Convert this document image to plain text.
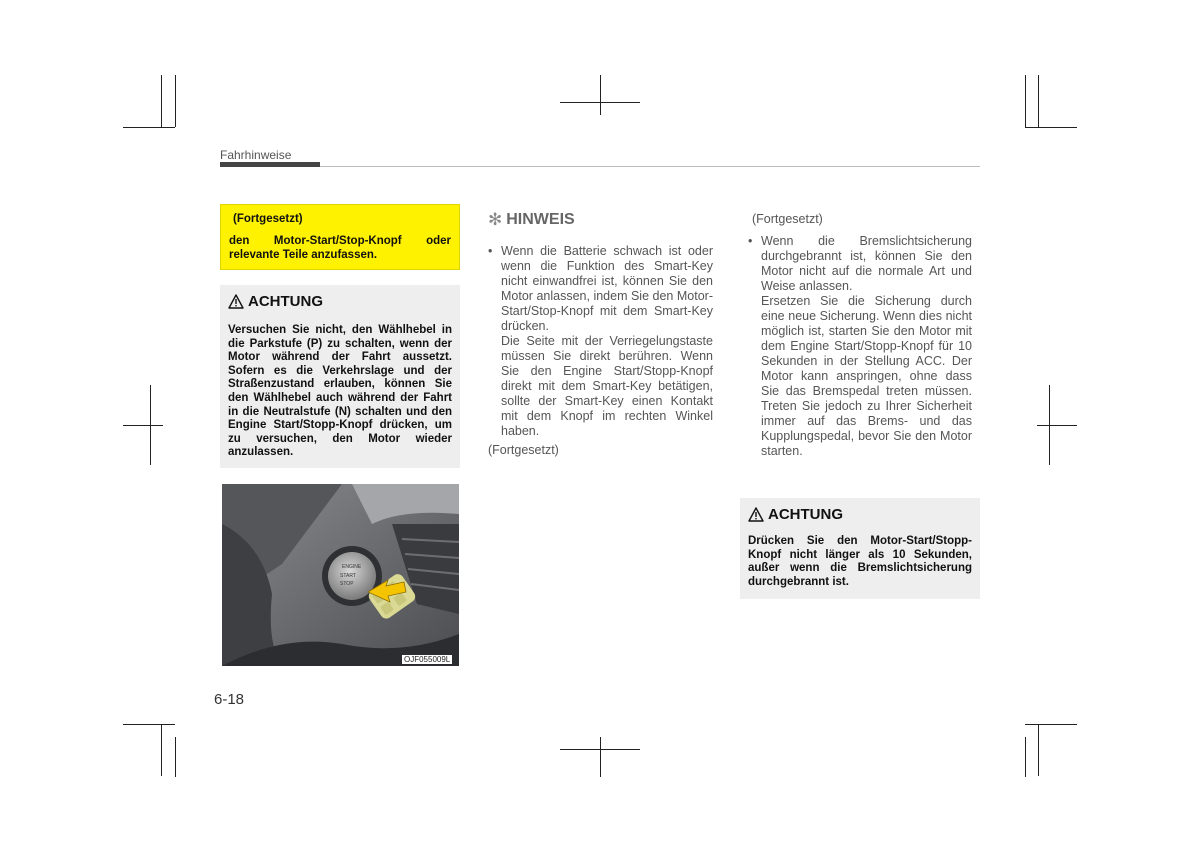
Fahrhinweise
(Fortgesetzt)
den Motor-Start/Stop-Knopf oder relevante Teile anzufassen.
ACHTUNG
Versuchen Sie nicht, den Wählhebel in die Parkstufe (P) zu schalten, wenn der Motor während der Fahrt aussetzt. Sofern es die Verkehrslage und der Straßenzustand erlauben, können Sie den Wählhebel auch während der Fahrt in die Neutralstufe (N) schalten und den Engine Start/Stopp-Knopf drücken, um zu versuchen, den Motor wieder anzulassen.
ENGINE
START
STOP
OJF055009L
✻ HINWEIS
• Wenn die Batterie schwach ist oder wenn die Funktion des Smart-Key nicht einwandfrei ist, können Sie den Motor anlassen, indem Sie den Motor-Start/Stop-Knopf mit dem Smart-Key drücken.
Die Seite mit der Verriegelungstaste müssen Sie direkt berühren. Wenn Sie den Engine Start/Stopp-Knopf direkt mit dem Smart-Key betätigen, sollte der Smart-Key einen Kontakt mit dem Knopf im rechten Winkel haben.
(Fortgesetzt)
(Fortgesetzt)
• Wenn die Bremslichtsicherung durchgebrannt ist, können Sie den Motor nicht auf die normale Art und Weise anlassen.
Ersetzen Sie die Sicherung durch eine neue Sicherung. Wenn dies nicht möglich ist, starten Sie den Motor mit dem Engine Start/Stopp-Knopf für 10 Sekunden in der Stellung ACC. Der Motor kann anspringen, ohne dass Sie das Bremspedal treten müssen. Treten Sie jedoch zu Ihrer Sicherheit immer auf das Brems- und das Kupplungspedal, bevor Sie den Motor starten.
ACHTUNG
Drücken Sie den Motor-Start/Stopp-Knopf nicht länger als 10 Sekunden, außer wenn die Bremslichtsicherung durchgebrannt ist.
6-18
